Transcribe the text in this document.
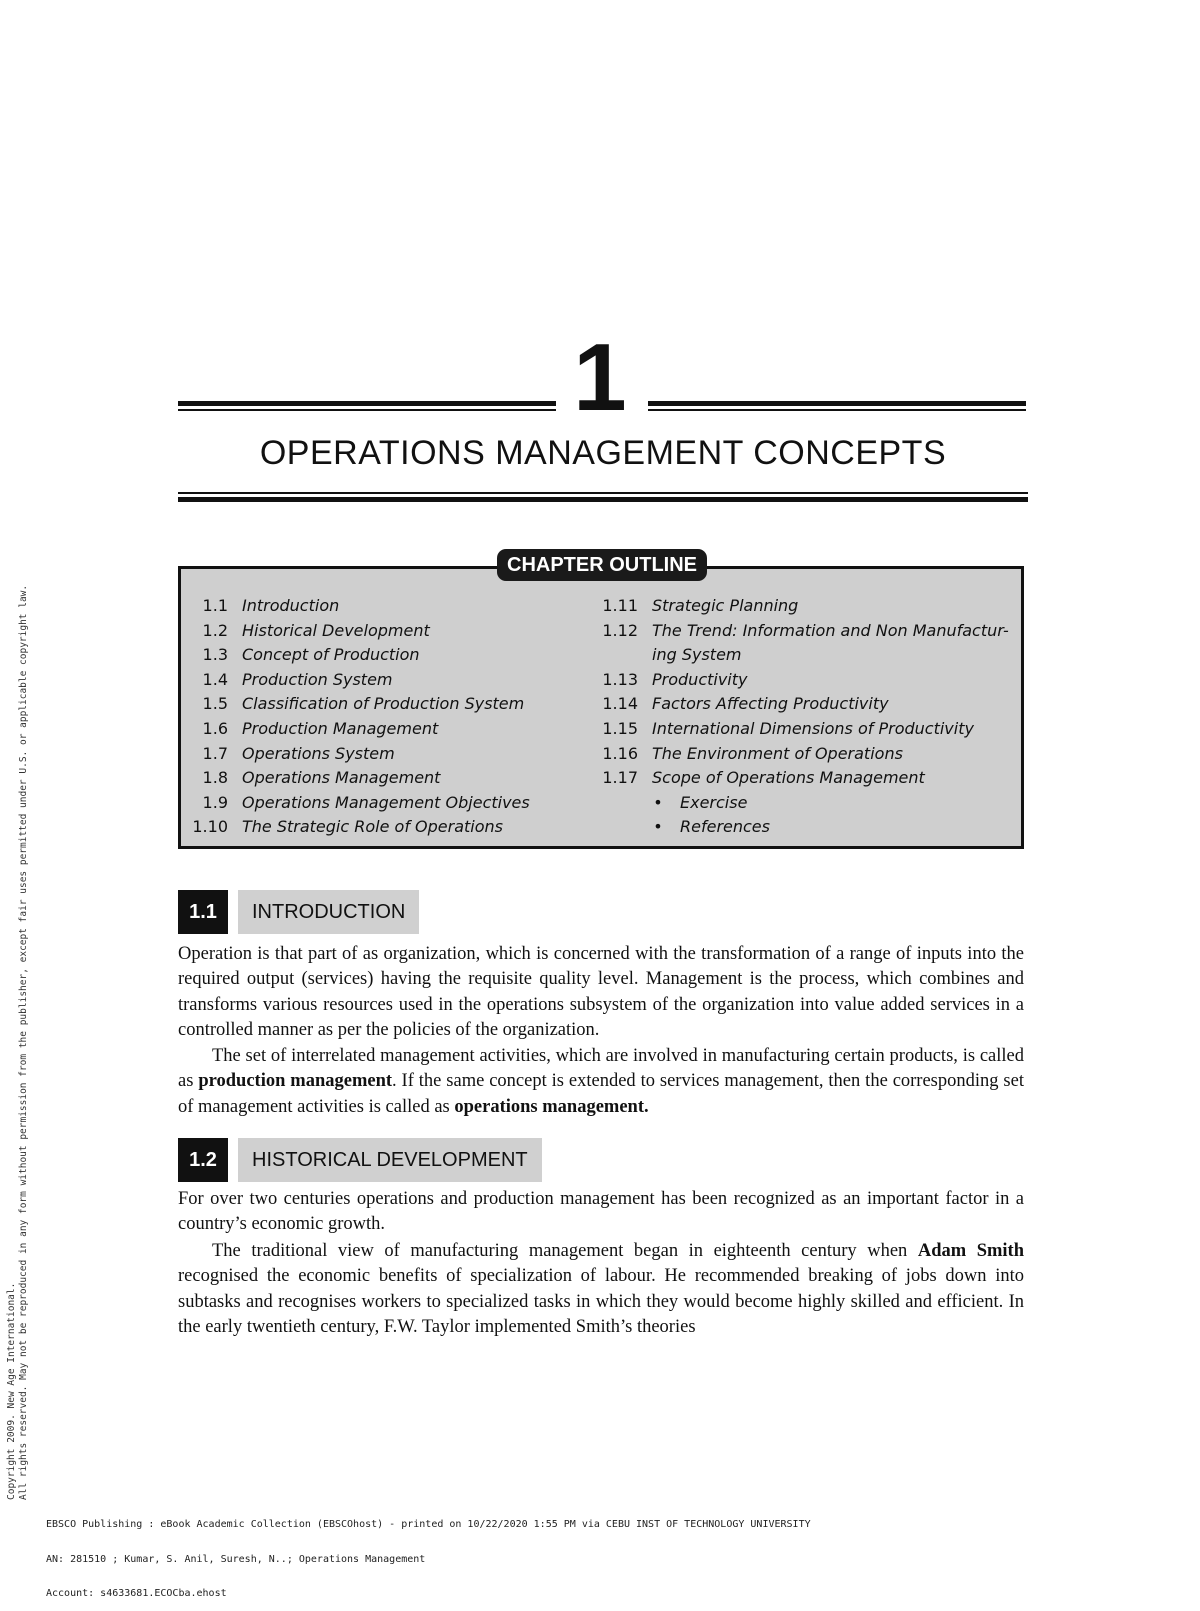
1
OPERATIONS MANAGEMENT CONCEPTS
CHAPTER OUTLINE
1.1 Introduction
1.2 Historical Development
1.3 Concept of Production
1.4 Production System
1.5 Classification of Production System
1.6 Production Management
1.7 Operations System
1.8 Operations Management
1.9 Operations Management Objectives
1.10 The Strategic Role of Operations
1.11 Strategic Planning
1.12 The Trend: Information and Non Manufactur-
ing System
1.13 Productivity
1.14 Factors Affecting Productivity
1.15 International Dimensions of Productivity
1.16 The Environment of Operations
1.17 Scope of Operations Management
•	Exercise
•	References
1.1	INTRODUCTION

Operation is that part of as organization, which is concerned with the transformation of a range of inputs into the required output (services) having the requisite quality level. Management is the process, which combines and transforms various resources used in the operations subsystem of the organization into value added services in a controlled manner as per the policies of the organization.

The set of interrelated management activities, which are involved in manufacturing certain products, is called as production management. If the same concept is extended to services management, then the corresponding set of management activities is called as operations management.

1.2	HISTORICAL DEVELOPMENT

For over two centuries operations and production management has been recognized as an important factor in a country’s economic growth.

The traditional view of manufacturing management began in eighteenth century when Adam Smith recognised the economic benefits of specialization of labour. He recommended breaking of jobs down into subtasks and recognises workers to specialized tasks in which they would become highly skilled and efficient. In the early twentieth century, F.W. Taylor implemented Smith’s theories

Copyright 2009. New Age International. All rights reserved. May not be reproduced in any form without permission from the publisher, except fair uses permitted under U.S. or applicable copyright law.

EBSCO Publishing : eBook Academic Collection (EBSCOhost) - printed on 10/22/2020 1:55 PM via CEBU INST OF TECHNOLOGY UNIVERSITY

AN: 281510 ; Kumar, S. Anil, Suresh, N..; Operations Management

Account: s4633681.ECOCba.ehost
